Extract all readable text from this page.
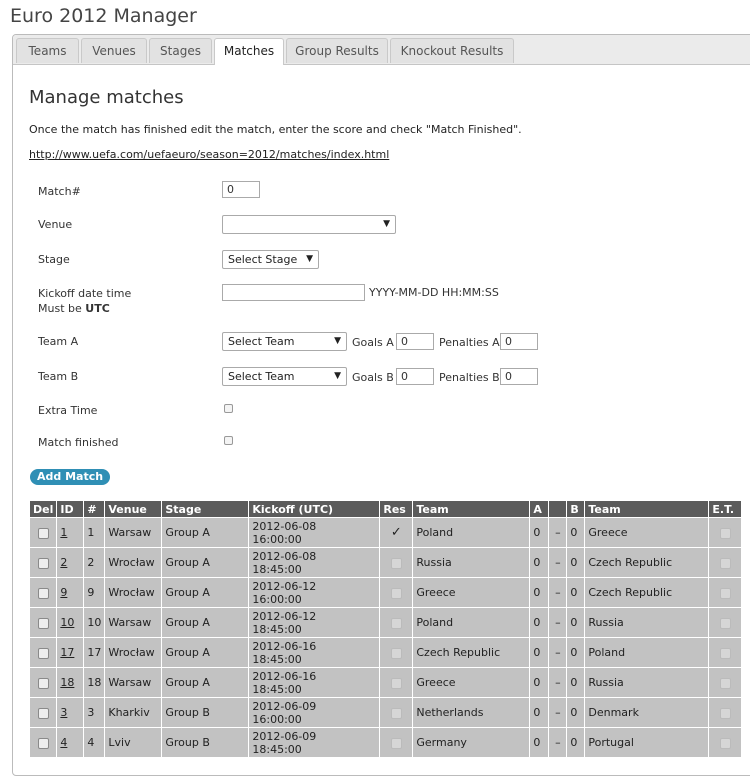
Euro 2012 Manager
Teams	Venues	Stages	Matches	Group Results	Knockout Results
Manage matches
Once the match has finished edit the match, enter the score and check "Match Finished".
http://www.uefa.com/uefaeuro/season=2012/matches/index.html
Match#	0
Venue	▼
Stage	Select Stage ▼
Kickoff date time
Must be UTC
YYYY-MM-DD HH:MM:SS
Team A	Select Team	▼ Goals A 0	Penalties A 0
Team B	Select Team	▼ Goals B 0	Penalties B 0
Extra Time
Match finished
Add Match
Del	ID	#	Venue	Stage	Kickoff (UTC)	Res	Team	A		B	Team	E.T.
	1	1	Warsaw	Group A	2012-06-08
16:00:00	✓	Poland	0	–	0	Greece	
	2	2	Wrocław	Group A	2012-06-08
18:45:00		Russia	0	–	0	Czech Republic	
	9	9	Wrocław	Group A	2012-06-12
16:00:00		Greece	0	–	0	Czech Republic	
	10	10	Warsaw	Group A	2012-06-12
18:45:00		Poland	0	–	0	Russia	
	17	17	Wrocław	Group A	2012-06-16
18:45:00		Czech Republic	0	–	0	Poland	
	18	18	Warsaw	Group A	2012-06-16
18:45:00		Greece	0	–	0	Russia	
	3	3	Kharkiv	Group B	2012-06-09
16:00:00		Netherlands	0	–	0	Denmark	
	4	4	Lviv	Group B	2012-06-09
18:45:00		Germany	0	–	0	Portugal	
